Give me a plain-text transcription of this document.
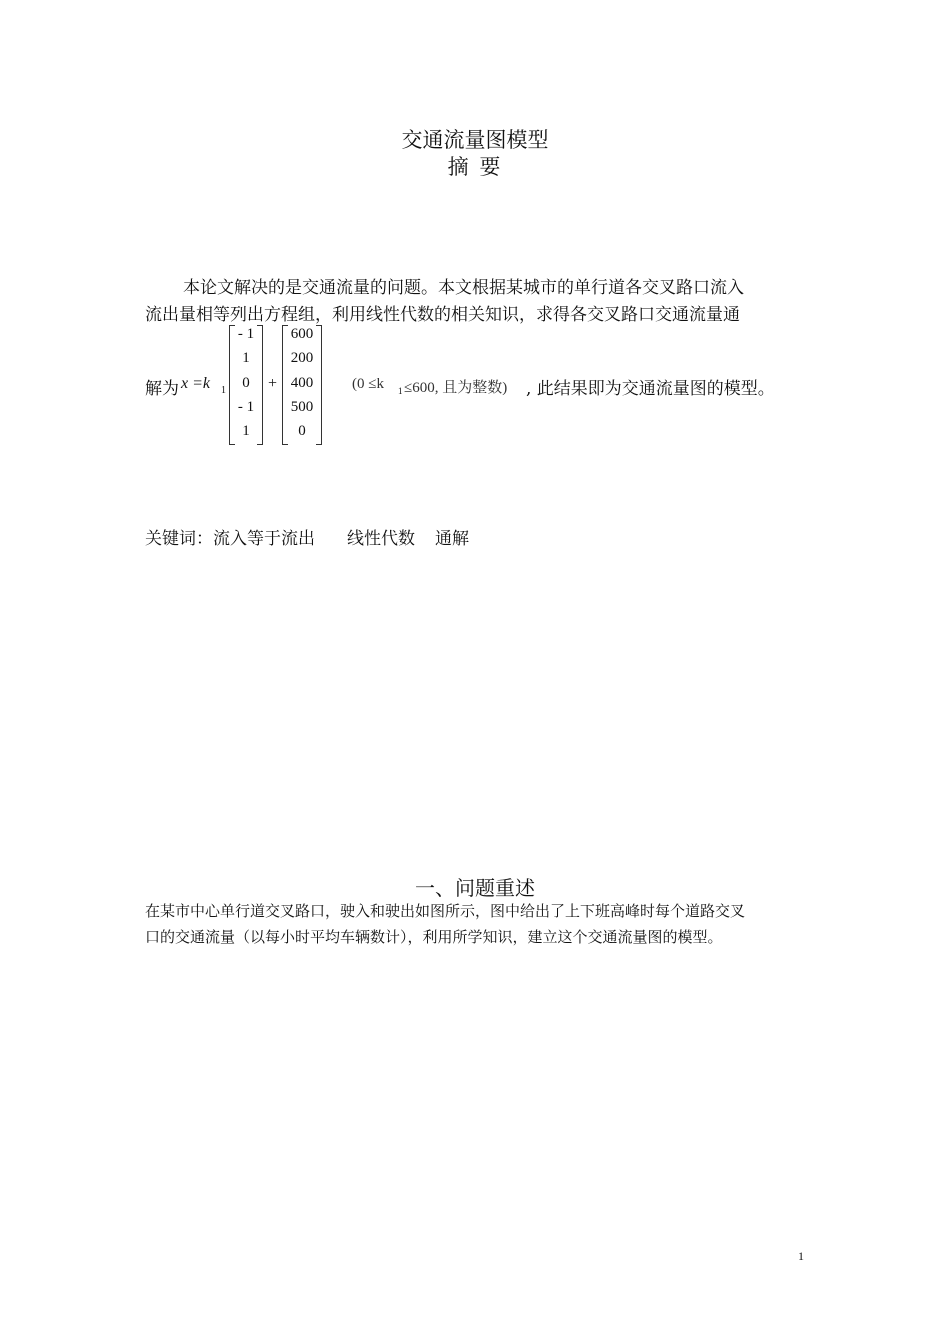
交通流量图模型
摘 要
本论文解决的是交通流量的问题。本文根据某城市的单行道各交叉路口流入
流出量相等列出方程组，利用线性代数的相关知识，求得各交叉路口交通流量通
解为 x =k 1
- 1
1
0
- 1
1
+
600
200
400
500
0
(0 ≤k 1 ≤600, 且为整数) , 此结果即为交通流量图的模型。
关键词：流入等于流出 线性代数 通解
一、问题重述
在某市中心单行道交叉路口，驶入和驶出如图所示，图中给出了上下班高峰时每个道路交叉
口的交通流量（以每小时平均车辆数计），利用所学知识，建立这个交通流量图的模型。
1
